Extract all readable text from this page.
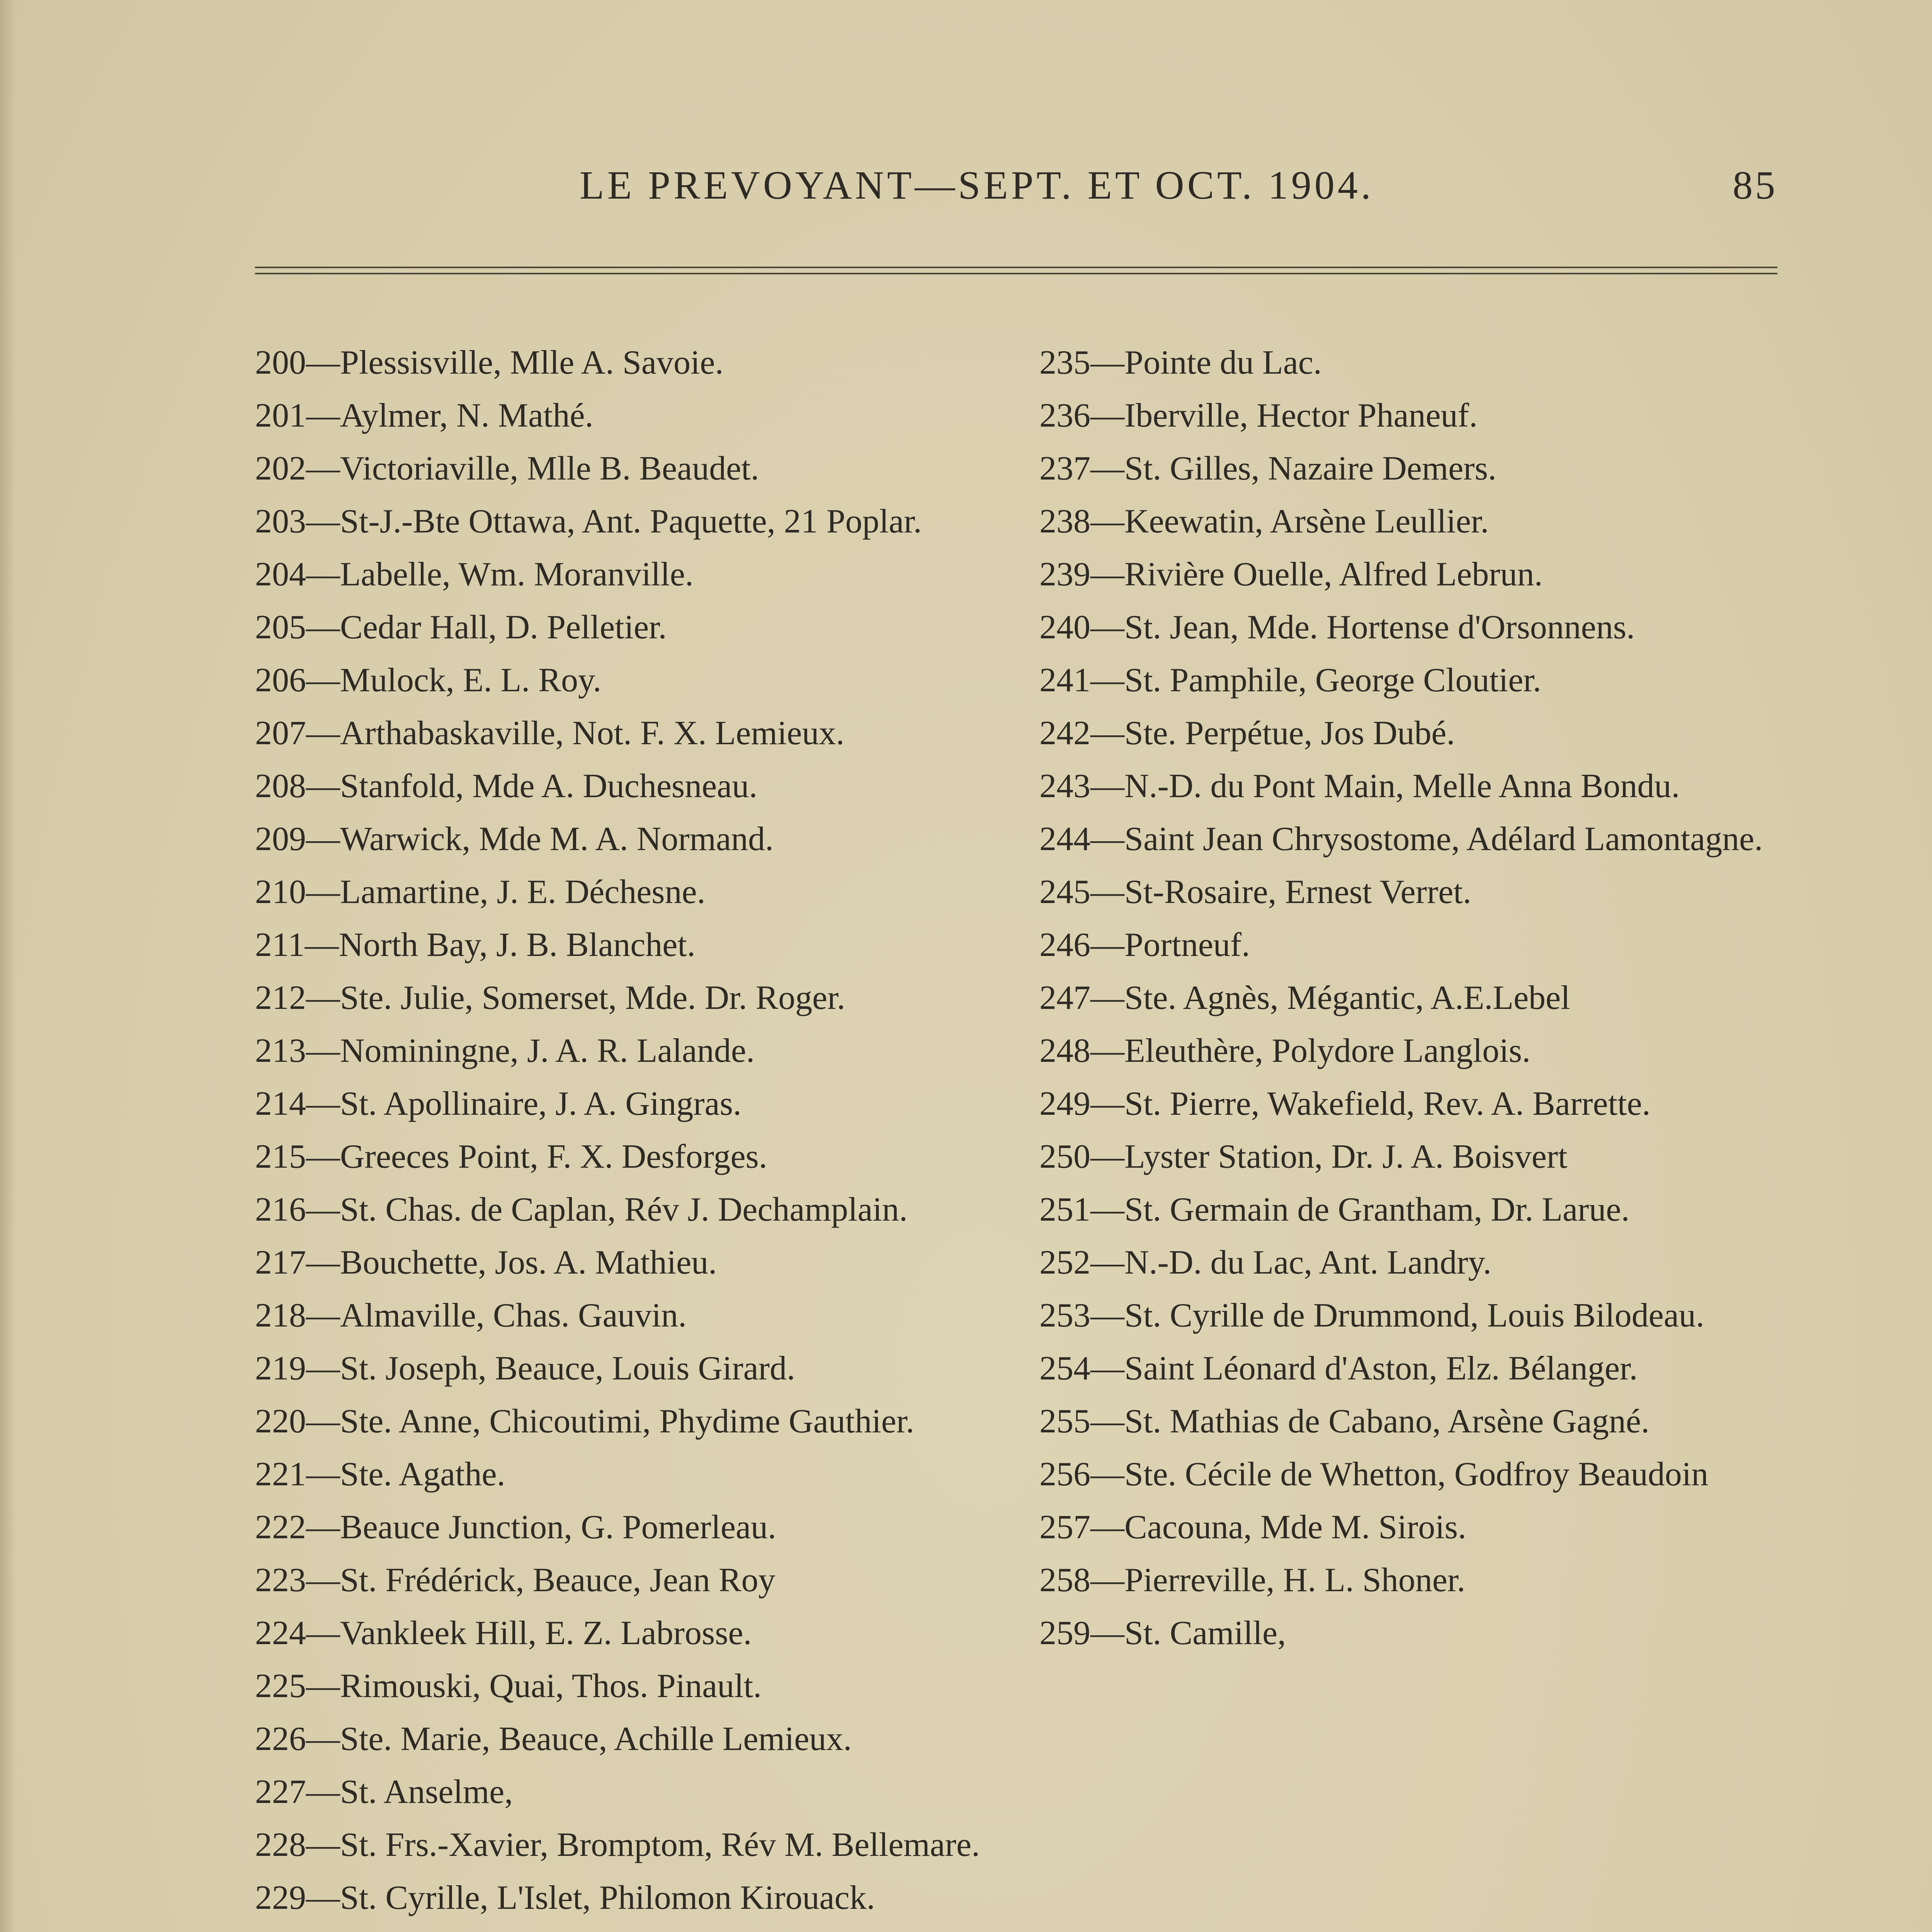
LE PREVOYANT—SEPT. ET OCT. 1904.	85
200—Plessisville, Mlle A. Savoie.
201—Aylmer, N. Mathé.
202—Victoriaville, Mlle B. Beaudet.
203—St-J.-Bte Ottawa, Ant. Paquette, 21 Poplar.
204—Labelle, Wm. Moranville.
205—Cedar Hall, D. Pelletier.
206—Mulock, E. L. Roy.
207—Arthabaskaville, Not. F. X. Lemieux.
208—Stanfold, Mde A. Duchesneau.
209—Warwick, Mde M. A. Normand.
210—Lamartine, J. E. Déchesne.
211—North Bay, J. B. Blanchet.
212—Ste. Julie, Somerset, Mde. Dr. Roger.
213—Nominingne, J. A. R. Lalande.
214—St. Apollinaire, J. A. Gingras.
215—Greeces Point, F. X. Desforges.
216—St. Chas. de Caplan, Rév J. Dechamplain.
217—Bouchette, Jos. A. Mathieu.
218—Almaville, Chas. Gauvin.
219—St. Joseph, Beauce, Louis Girard.
220—Ste. Anne, Chicoutimi, Phydime Gauthier.
221—Ste. Agathe.
222—Beauce Junction, G. Pomerleau.
223—St. Frédérick, Beauce, Jean Roy
224—Vankleek Hill, E. Z. Labrosse.
225—Rimouski, Quai, Thos. Pinault.
226—Ste. Marie, Beauce, Achille Lemieux.
227—St. Anselme,
228—St. Frs.-Xavier, Bromptom, Rév M. Bellemare.
229—St. Cyrille, L'Islet, Philomon Kirouack.
235—Pointe du Lac.
236—Iberville, Hector Phaneuf.
237—St. Gilles, Nazaire Demers.
238—Keewatin, Arsène Leullier.
239—Rivière Ouelle, Alfred Lebrun.
240—St. Jean, Mde. Hortense d'Orsonnens.
241—St. Pamphile, George Cloutier.
242—Ste. Perpétue, Jos Dubé.
243—N.-D. du Pont Main, Melle Anna Bondu.
244—Saint Jean Chrysostome, Adélard Lamontagne.
245—St-Rosaire, Ernest Verret.
246—Portneuf.
247—Ste. Agnès, Mégantic, A.E.Lebel
248—Eleuthère, Polydore Langlois.
249—St. Pierre, Wakefield, Rev. A. Barrette.
250—Lyster Station, Dr. J. A. Boisvert
251—St. Germain de Grantham, Dr. Larue.
252—N.-D. du Lac, Ant. Landry.
253—St. Cyrille de Drummond, Louis Bilodeau.
254—Saint Léonard d'Aston, Elz. Bélanger.
255—St. Mathias de Cabano, Arsène Gagné.
256—Ste. Cécile de Whetton, Godfroy Beaudoin
257—Cacouna, Mde M. Sirois.
258—Pierreville, H. L. Shoner.
259—St. Camille,
